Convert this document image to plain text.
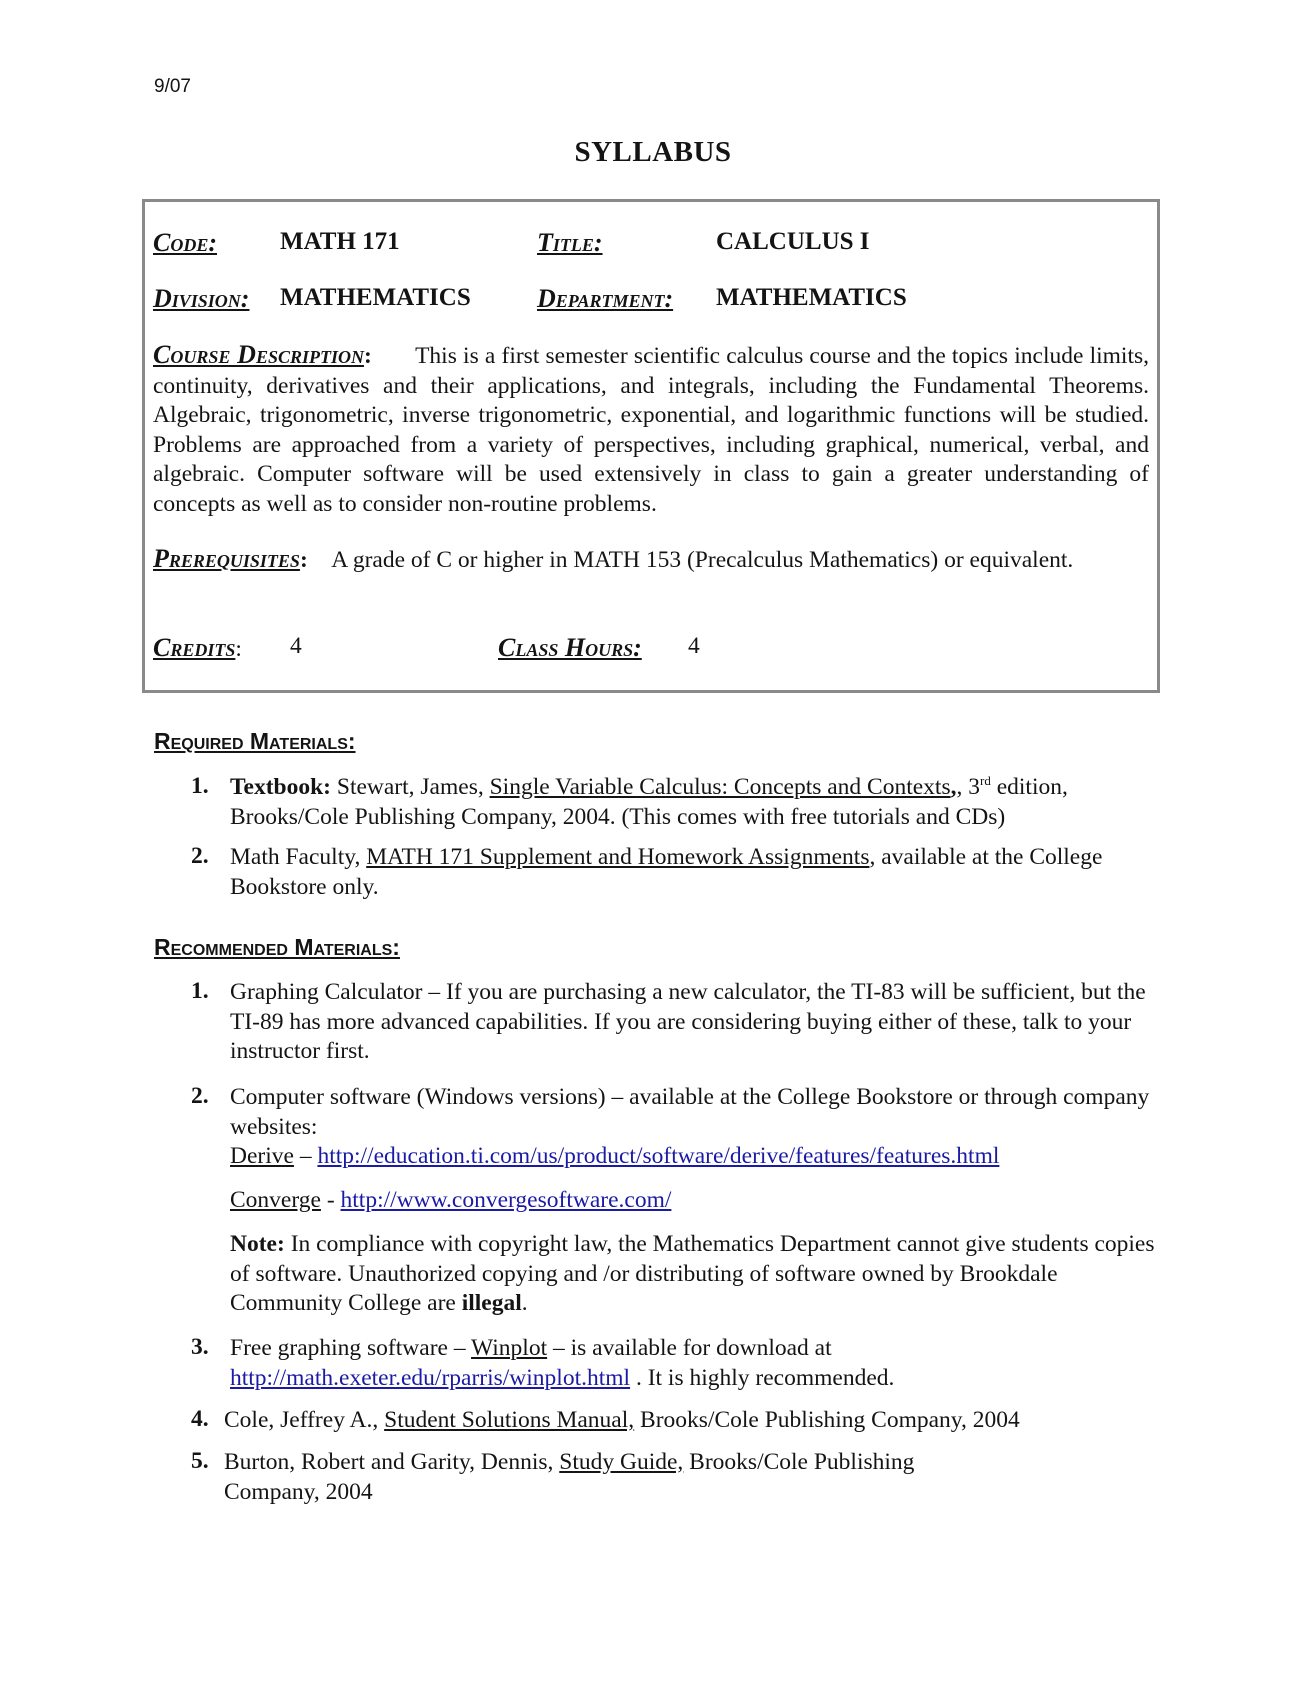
9/07
SYLLABUS
Code:	MATH 171	Title:	CALCULUS I
Division: MATHEMATICS	Department: MATHEMATICS
Course Description: This is a first semester scientific calculus course and the topics include limits, continuity, derivatives and their applications, and integrals, including the Fundamental Theorems. Algebraic, trigonometric, inverse trigonometric, exponential, and logarithmic functions will be studied. Problems are approached from a variety of perspectives, including graphical, numerical, verbal, and algebraic. Computer software will be used extensively in class to gain a greater understanding of concepts as well as to consider non-routine problems.
Prerequisites: A grade of C or higher in MATH 153 (Precalculus Mathematics) or equivalent.
Credits: 4	Class Hours: 4
Required Materials:
1. Textbook: Stewart, James, Single Variable Calculus: Concepts and Contexts,, 3rd edition, Brooks/Cole Publishing Company, 2004. (This comes with free tutorials and CDs)
2. Math Faculty, MATH 171 Supplement and Homework Assignments, available at the College Bookstore only.
Recommended Materials:
1. Graphing Calculator – If you are purchasing a new calculator, the TI-83 will be sufficient, but the TI-89 has more advanced capabilities. If you are considering buying either of these, talk to your instructor first.
2. Computer software (Windows versions) – available at the College Bookstore or through company websites:
Derive – http://education.ti.com/us/product/software/derive/features/features.html
Converge - http://www.convergesoftware.com/
Note: In compliance with copyright law, the Mathematics Department cannot give students copies of software. Unauthorized copying and /or distributing of software owned by Brookdale Community College are illegal.
3. Free graphing software – Winplot – is available for download at
http://math.exeter.edu/rparris/winplot.html . It is highly recommended.
4. Cole, Jeffrey A., Student Solutions Manual, Brooks/Cole Publishing Company, 2004
5. Burton, Robert and Garity, Dennis, Study Guide, Brooks/Cole Publishing Company, 2004
